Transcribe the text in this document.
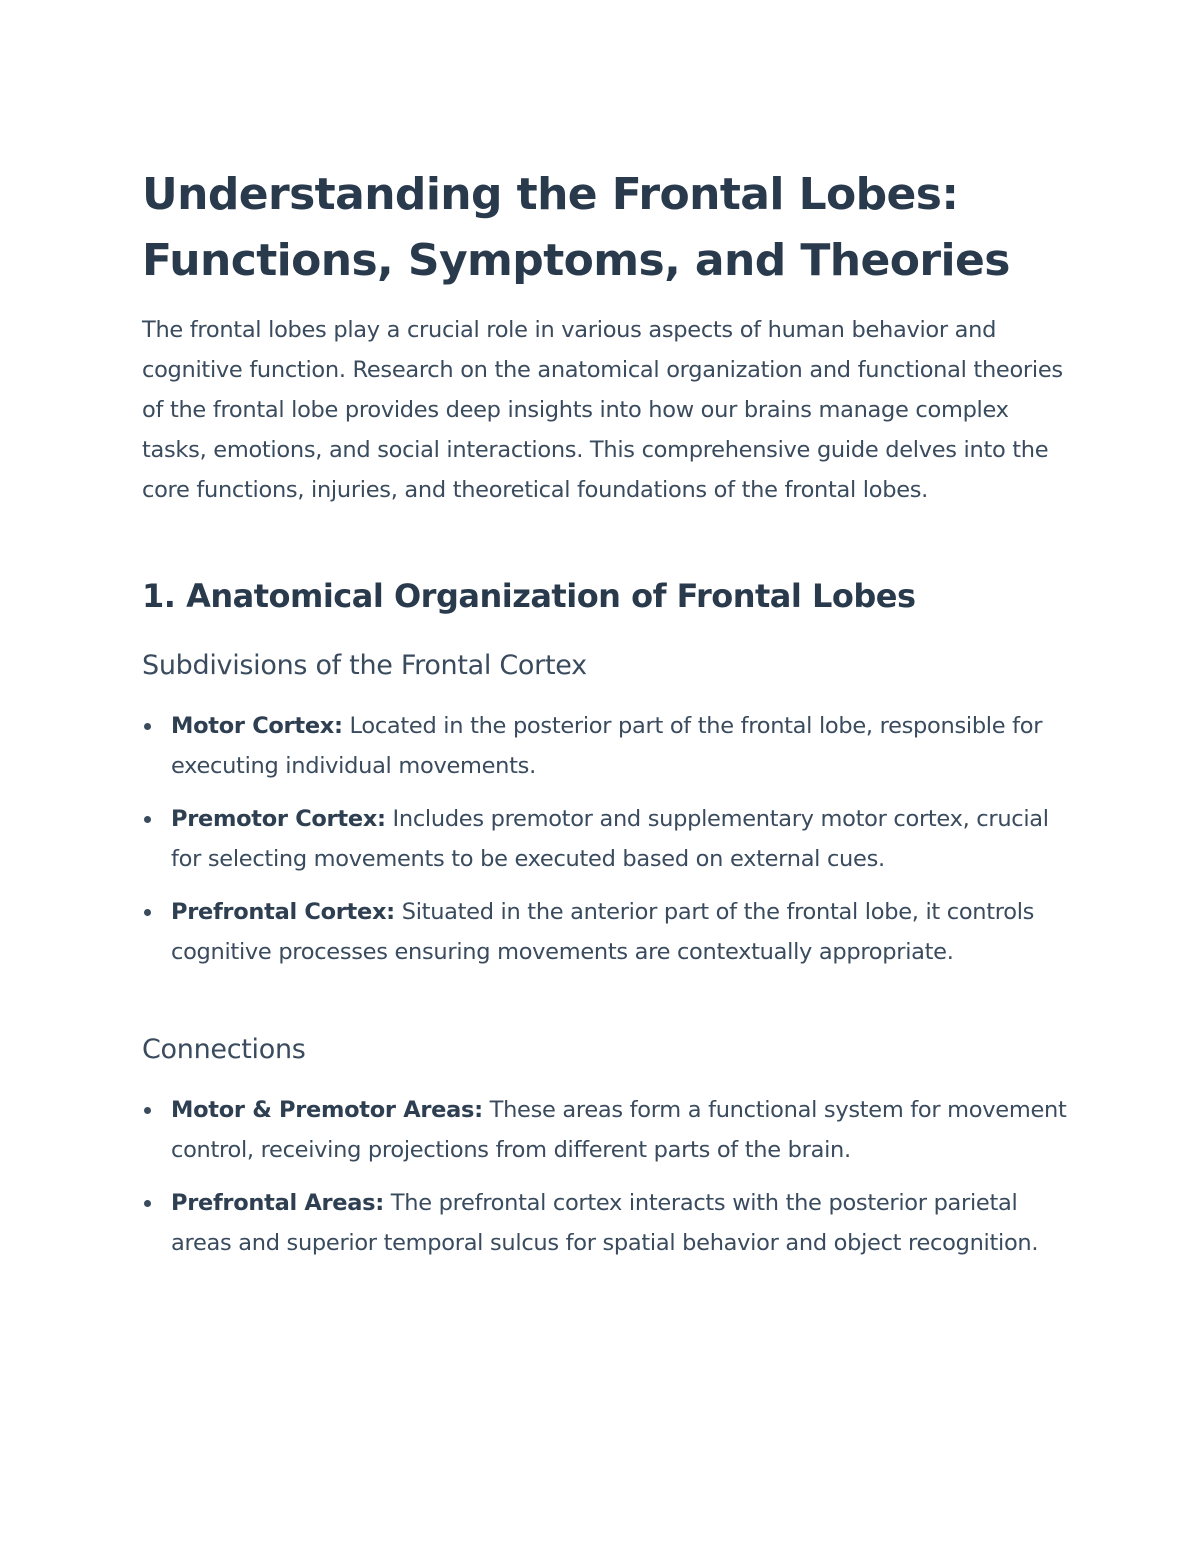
Understanding the Frontal Lobes: Functions, Symptoms, and Theories

The frontal lobes play a crucial role in various aspects of human behavior and cognitive function. Research on the anatomical organization and functional theories of the frontal lobe provides deep insights into how our brains manage complex tasks, emotions, and social interactions. This comprehensive guide delves into the core functions, injuries, and theoretical foundations of the frontal lobes.

1. Anatomical Organization of Frontal Lobes
Subdivisions of the Frontal Cortex
Motor Cortex: Located in the posterior part of the frontal lobe, responsible for executing individual movements.
Premotor Cortex: Includes premotor and supplementary motor cortex, crucial for selecting movements to be executed based on external cues.
Prefrontal Cortex: Situated in the anterior part of the frontal lobe, it controls cognitive processes ensuring movements are contextually appropriate.
Connections
Motor & Premotor Areas: These areas form a functional system for movement control, receiving projections from different parts of the brain.
Prefrontal Areas: The prefrontal cortex interacts with the posterior parietal areas and superior temporal sulcus for spatial behavior and object recognition.
